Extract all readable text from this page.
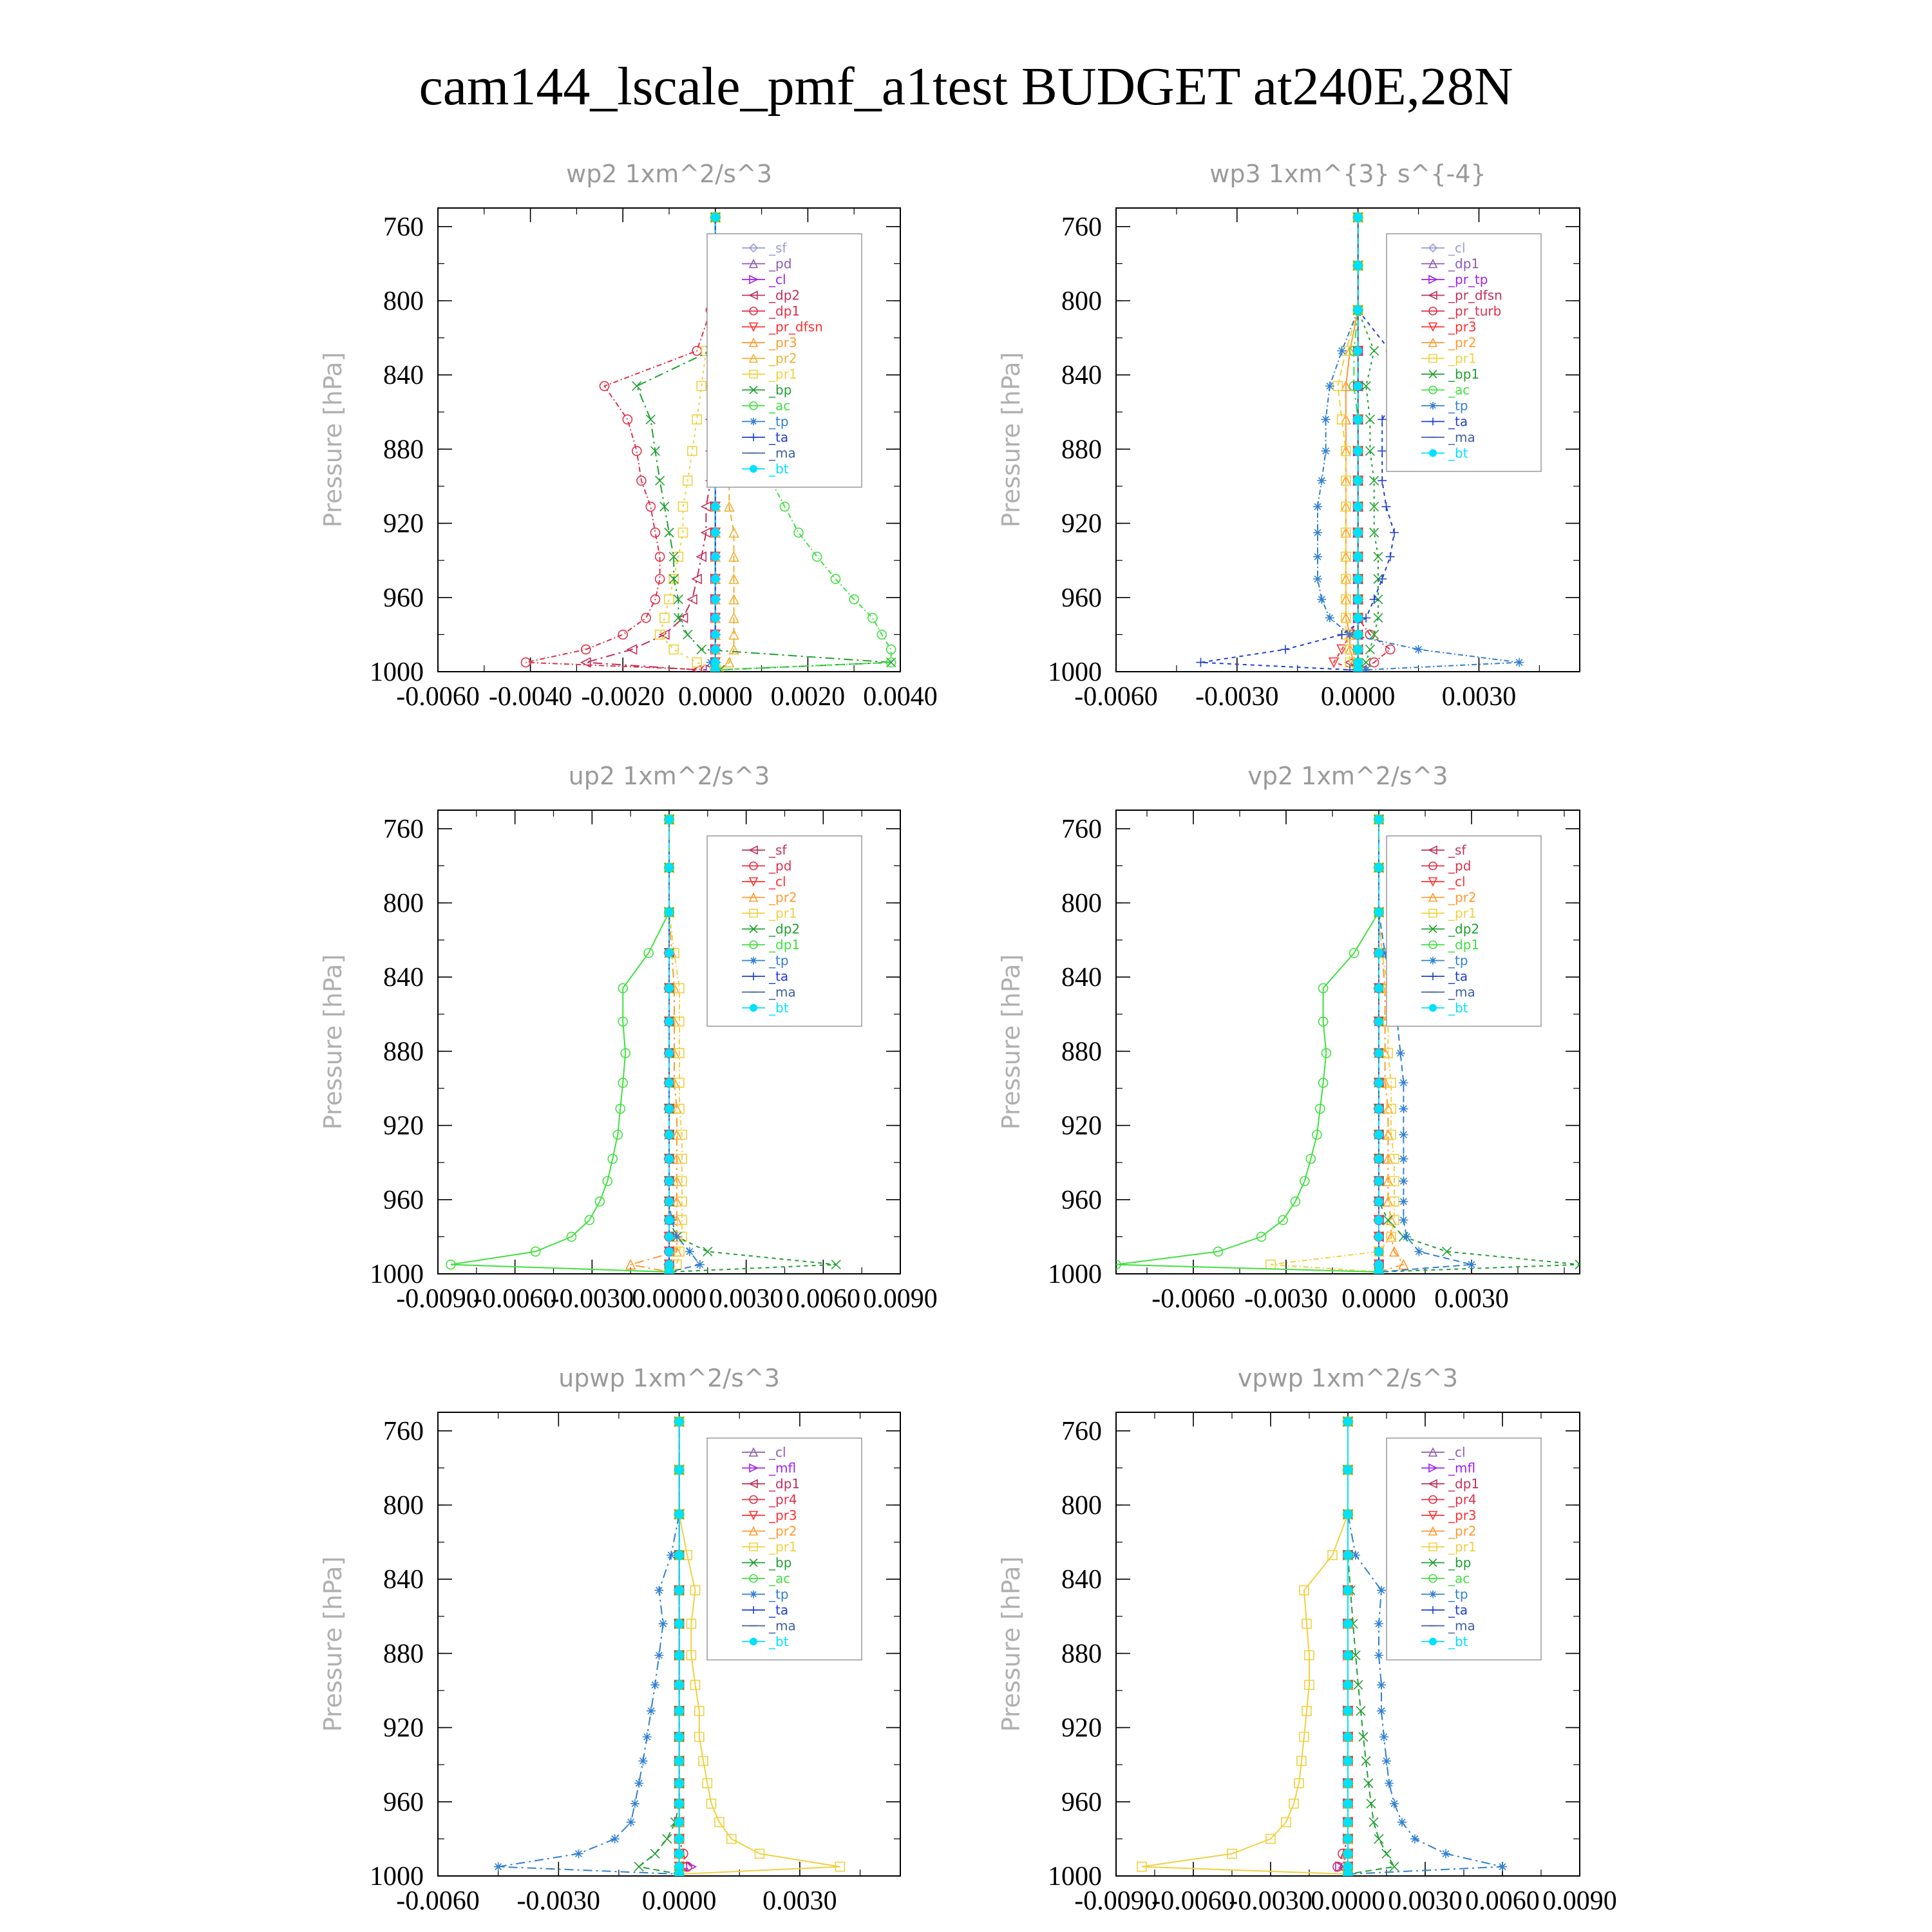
cam144_lscale_pmf_a1test BUDGET at240E,28N
wp2 1xm^2/s^3
Pressure [hPa]
760
800
840
880
920
960
1000
-0.0060 -0.0040 -0.0020 0.0000 0.0020 0.0040
_sf
_pd
_cl
_dp2
_dp1
_pr_dfsn
_pr3
_pr2
_pr1
_bp
_ac
_tp
_ta
_ma
_bt
wp3 1xm^{3} s^{-4}
Pressure [hPa]
760
800
840
880
920
960
1000
-0.0060 -0.0030 0.0000 0.0030
_cl
_dp1
_pr_tp
_pr_dfsn
_pr_turb
_pr3
_pr2
_pr1
_bp1
_ac
_tp
_ta
_ma
_bt
up2 1xm^2/s^3
Pressure [hPa]
760
800
840
880
920
960
1000
-0.0090
-0.0060
-0.0030
0.0000 0.0030 0.0060 0.0090
_sf
_pd
_cl
_pr2
_pr1
_dp2
_dp1
_tp
_ta
_ma
_bt
vp2 1xm^2/s^3
Pressure [hPa]
760
800
840
880
920
960
1000
-0.0060 -0.0030 0.0000 0.0030
_sf
_pd
_cl
_pr2
_pr1
_dp2
_dp1
_tp
_ta
_ma
_bt
upwp 1xm^2/s^3
Pressure [hPa]
760
800
840
880
920
960
1000
-0.0060 -0.0030 0.0000 0.0030
_cl
_mfl
_dp1
_pr4
_pr3
_pr2
_pr1
_bp
_ac
_tp
_ta
_ma
_bt
vpwp 1xm^2/s^3
Pressure [hPa]
760
800
840
880
920
960
1000
-0.0090
-0.0060
-0.0030
0.0000 0.0030 0.0060 0.0090
_cl
_mfl
_dp1
_pr4
_pr3
_pr2
_pr1
_bp
_ac
_tp
_ta
_ma
_bt
